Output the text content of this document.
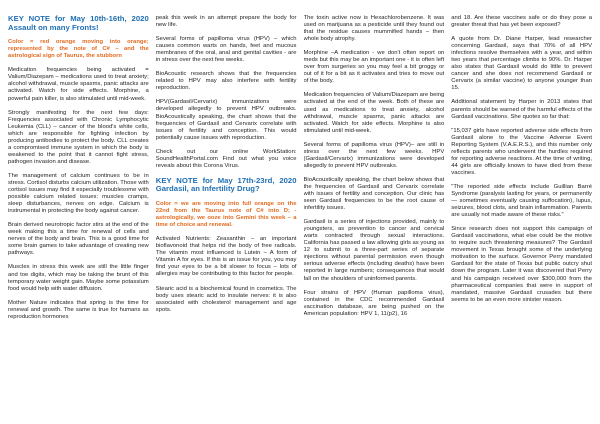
KEY NOTE for May 10th-16th, 2020 Assault on many Fronts!

Color = red orange moving into orange; represented by the note of C# – and the astrological sign of Taurus, the stubborn

Medication frequencies being activated = Valium/Diazepam – medications used to treat anxiety; alcohol withdrawal, muscle spasms, panic attacks are activated. Watch for side effects. Morphine, a powerful pain killer, is also stimulated until mid-week.

Strongly manifesting for the next few days: Frequencies associated with Chronic Lymphocytic Leukemia (CLL) – cancer of the blood's white cells, which are responsible for fighting infection by producing antibodies to protect the body. CLL creates a compromised immune system in which the body is weakened to the point that it cannot fight stress, pathogen invasion and disease.

The management of calcium continues to be in stress. Cortisol disturbs calcium utilization. Those with cortisol issues may find it especially troublesome with possible calcium related issues: muscles cramps, sleep disturbances, nerves on edge. Calcium is instrumental in protecting the body against cancer.

Brain derived neurotropic factor stirs at the end of the week making this a time for renewal of cells and nerves of the body and brain. This is a good time for some brain games to take advantage of creating new pathways.

Muscles in stress this week are still the little finger and toe digits, which may be taking the brunt of this temporary water weight gain. Maybe some potassium food would help with water diffusion.

Mother Nature indicates that spring is the time for renewal and growth. The same is true for humans as reproduction hormones

peak this week in an attempt prepare the body for new life.

Several forms of papilloma virus (HPV) – which causes common warts on hands, feet and mucous membranes of the oral, anal and genital cavities - are in stress over the next few weeks.

BioAcoustic research shows that the frequencies related to HPV may also interfere with fertility reproduction.

HPV(Gardasil/Cervarix) immunizations were developed allegedly to prevent HPV outbreaks. BioAcoustically speaking, the chart shows that the frequencies of Gardasil and Cervarix correlate with issues of fertility and conception. This would potentially cause issues with reproduction.

Check out our online WorkStation: SoundHealthPortal.com Find out what you voice reveals about this Corona Virus.

KEY NOTE for May 17th-23rd, 2020 Gardasil, an Infertility Drug?

Color = we are moving into full orange on the 22nd from the Taurus note of C# into D; -astrologically, we ooze into Gemini this week – a time of choice and renewal.

Activated Nutrients: Zeaxanthin – an important bioflavonoid that helps rid the body of free radicals. The vitamin most influenced is Lutein – A form of Vitamin A for eyes. If this is an issue for you, you may find your eyes to be a bit slower to focus – lots of allergies may be contributing to this factor for people.

Stearic acid is a biochemical found in cosmetics. The body uses stearic acid to insulate nerves: it is also associated with cholesterol management and age spots.

The toxin active now is Hexachlorobenzene. It was used on marijuana as a pesticide until they found out that the residue causes mummified hands – then whole body atrophy.

Morphine –A medication - we don't often report on meds but this may be an important one - it is often left over from surgeries so you may feel a bit groggy or out of it for a bit as it activates and tries to move out of the body.

Medication frequencies of Valium/Diazepam are being activated at the end of the week. Both of these are used as medications to treat anxiety, alcohol withdrawal, muscle spasms, panic attacks are activated. Watch for side effects. Morphine is also stimulated until mid-week.

Several forms of papilloma virus (HPV)– are still in stress over the next few weeks. HPV (Gardasil/Cervarix) immunizations were developed allegedly to prevent HPV outbreaks.

BioAcoustically speaking, the chart below shows that the frequencies of Gardasil and Cervarix correlate with issues of fertility and conception. Our clinic has seen Gardasil frequencies to be the root cause of infertility issues.

Gardasil is a series of injections provided, mainly to youngsters, as prevention to cancer and cervical warts contracted through sexual interactions. California has passed a law allowing girls as young as 12 to submit to a three-part series of separate injections without parental permission even though serious adverse effects (including deaths) have been reported in large numbers; consequences that would fall on the shoulders of uninformed parents.

Four strains of HPV (Human papilloma virus), contained in the CDC recommended Gardasil vaccination database, are being pushed on the American population: HPV 1, 11(p2), 16

and 18. Are these vaccines safe or do they pose a greater threat that has yet been exposed?

A quote from Dr. Diane Harper, lead researcher concerning Gardasil, says that 70% of all HPV infections resolve themselves with a year, and within two years that percentage climbs to 90%. Dr. Harper also states that Gardasil would do little to prevent cancer and she does not recommend Gardasil or Cervarix (a similar vaccine) to anyone younger than 15.

Additional statement by Harper in 2013 states that parents should be warned of the harmful effects of the Gardasil vaccinations. She quotes so far that:

"15,037 girls have reported adverse side effects from Gardasil alone to the Vaccine Adverse Event Reporting System (V.A.E.R.S.), and this number only reflects parents who underwent the hurdles required for reporting adverse reactions. At the time of writing, 44 girls are officially known to have died from these vaccines.

"The reported side effects include Guillian Barré Syndrome (paralysis lasting for years, or permanently — sometimes eventually causing suffocation), lupus, seizures, blood clots, and brain inflammation. Parents are usually not made aware of these risks."

Since research does not support this campaign of Gardasil vaccinations, what else could be the motive to require such threatening measures? The Gardasil movement in Texas brought some of the underlying motivation to the surface. Governor Perry mandated Gardasil for the state of Texas but public outcry shut down the program. Later it was discovered that Perry and his campaign received over $300,000 from the pharmaceutical companies that were in support of mandated, massive Gardasil crusades but there seems to be an even more sinister reason.
